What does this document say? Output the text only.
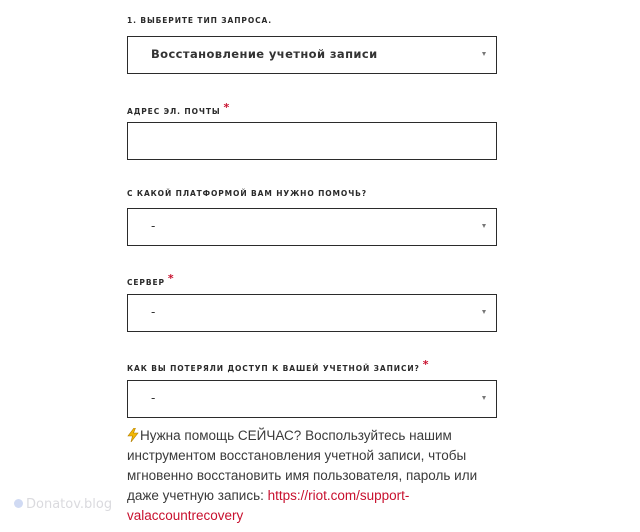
1. ВЫБЕРИТЕ ТИП ЗАПРОСА.
Восстановление учетной записи
АДРЕС ЭЛ. ПОЧТЫ *
С КАКОЙ ПЛАТФОРМОЙ ВАМ НУЖНО ПОМОЧЬ?
-
СЕРВЕР *
-
КАК ВЫ ПОТЕРЯЛИ ДОСТУП К ВАШЕЙ УЧЕТНОЙ ЗАПИСИ? *
-
Нужна помощь СЕЙЧАС? Воспользуйтесь нашим инструментом восстановления учетной записи, чтобы мгновенно восстановить имя пользователя, пароль или даже учетную запись: https://riot.com/support-valaccountrecovery
Donatov.blog
